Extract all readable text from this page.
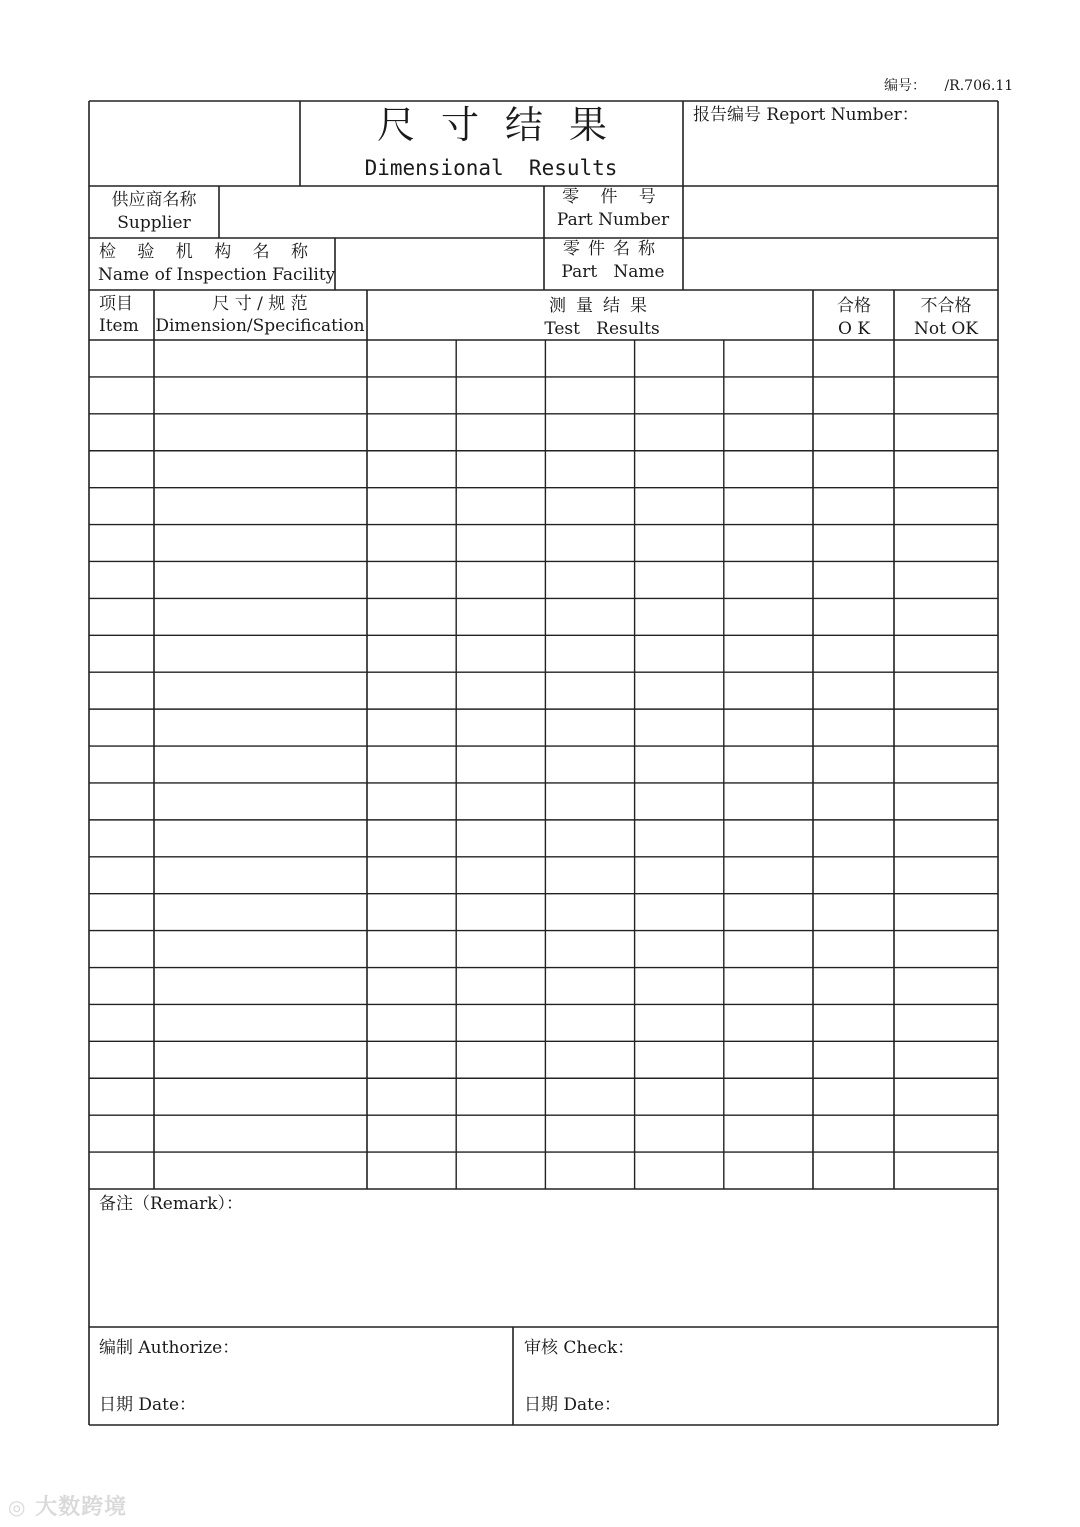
编号： /R.706.11
尺寸结果
Dimensional  Results
报告编号 Report Number：
供应商名称
Supplier
零 件 号
Part Number
检 验 机 构 名 称
Name of Inspection Facility
零件名称
Part   Name
项目
Item
尺 寸 / 规 范
Dimension/Specification
测量结果
Test   Results
合格
O K
不合格
Not OK
备注（Remark）：
编制 Authorize：
日期 Date：
审核 Check：
日期 Date：
◎ 大数跨境
